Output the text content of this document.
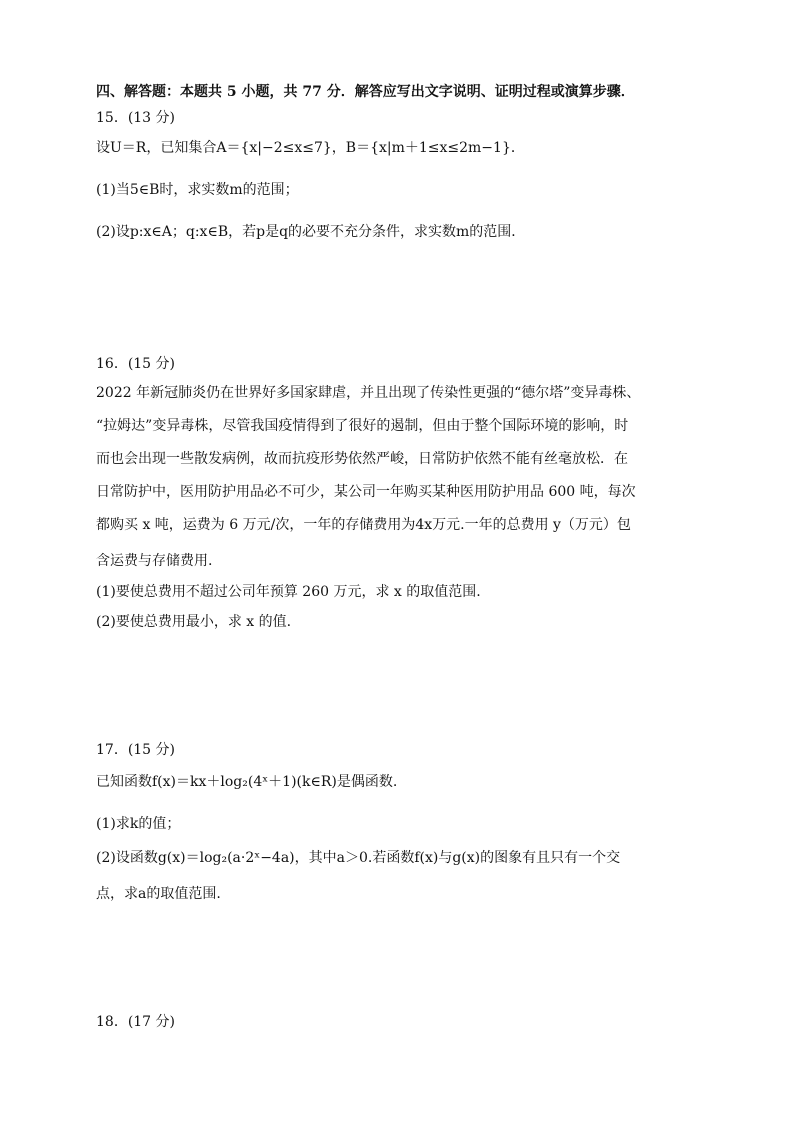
四、解答题：本题共 5 小题，共 77 分．解答应写出文字说明、证明过程或演算步骤．
15．(13 分)
设U＝R，已知集合A＝{x|−2≤x≤7}，B＝{x|m＋1≤x≤2m−1}．
(1)当5∈B时，求实数m的范围；
(2)设p:x∈A；q:x∈B，若p是q的必要不充分条件，求实数m的范围．
16．(15 分)
2022 年新冠肺炎仍在世界好多国家肆虐，并且出现了传染性更强的“德尔塔”变异毒株、
“拉姆达”变异毒株，尽管我国疫情得到了很好的遏制，但由于整个国际环境的影响，时
而也会出现一些散发病例，故而抗疫形势依然严峻，日常防护依然不能有丝毫放松．在
日常防护中，医用防护用品必不可少，某公司一年购买某种医用防护用品 600 吨，每次
都购买 x 吨，运费为 6 万元/次，一年的存储费用为4x万元.一年的总费用 y（万元）包
含运费与存储费用.
(1)要使总费用不超过公司年预算 260 万元，求 x 的取值范围.
(2)要使总费用最小，求 x 的值.
17．(15 分)
已知函数f(x)＝kx＋log₂(4ˣ＋1)(k∈R)是偶函数.
(1)求k的值；
(2)设函数g(x)＝log₂(a·2ˣ−4a)，其中a＞0.若函数f(x)与g(x)的图象有且只有一个交
点，求a的取值范围.
18．(17 分)
